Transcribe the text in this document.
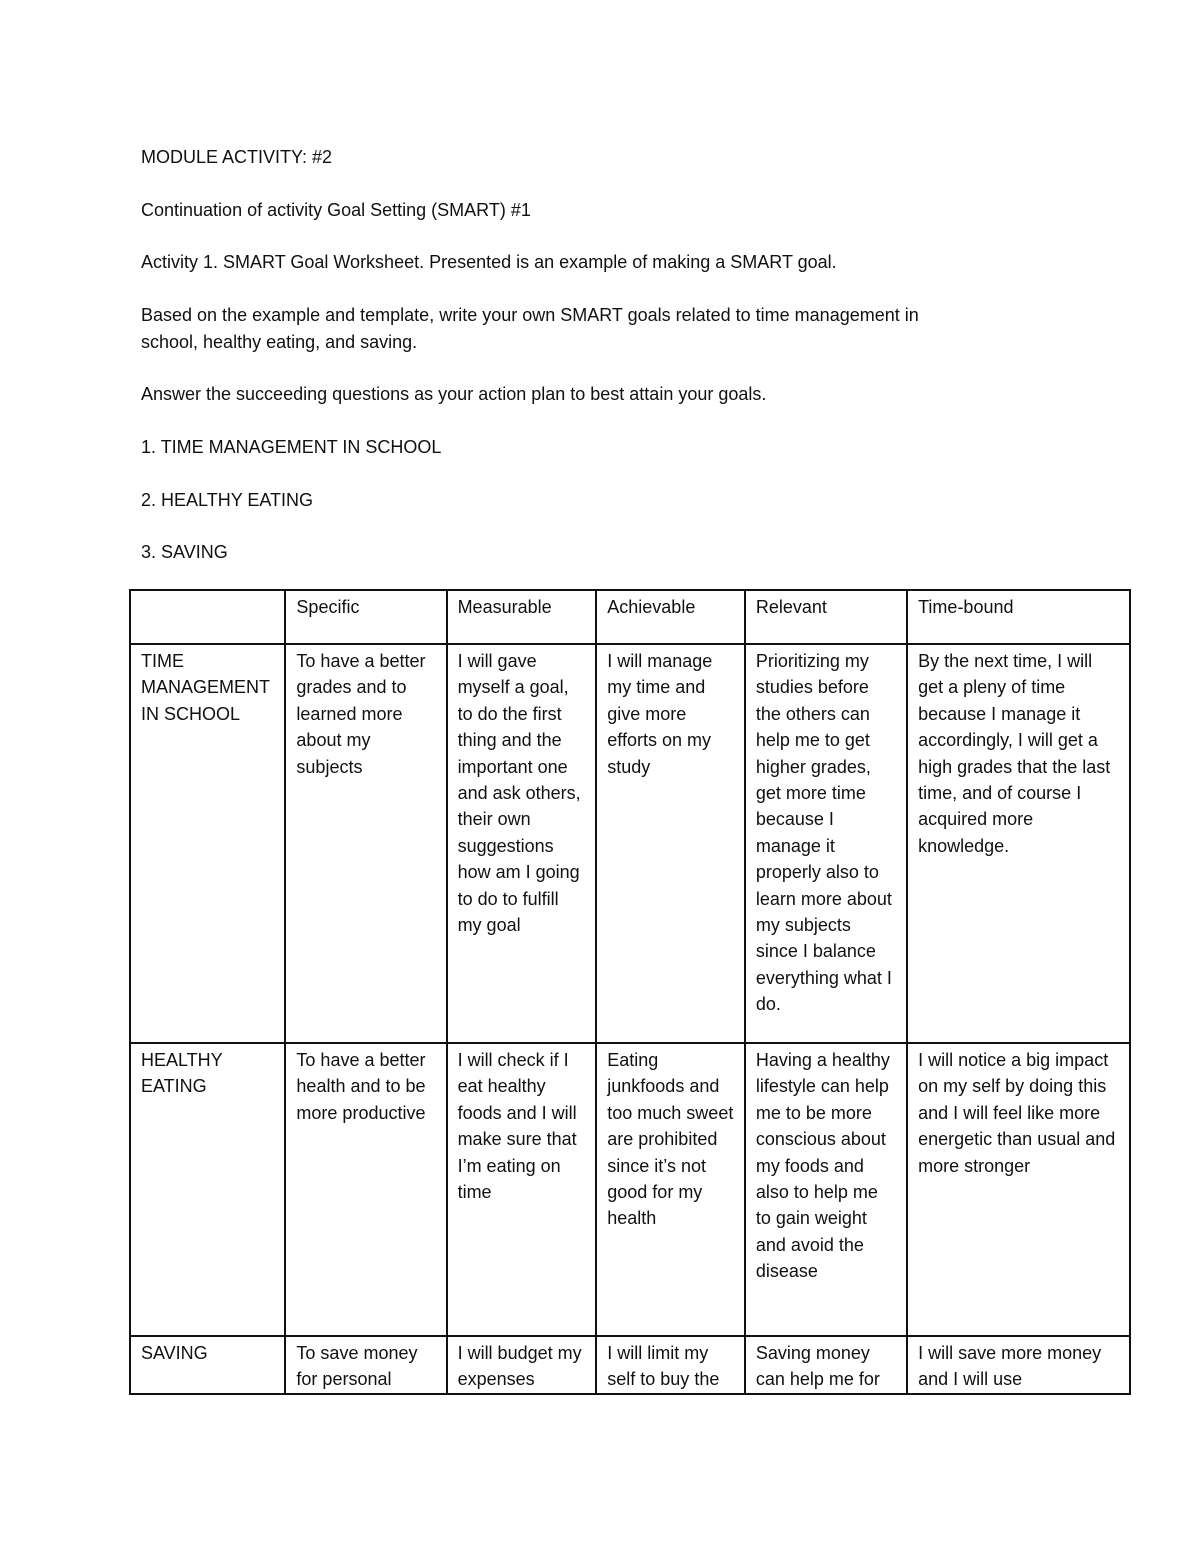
MODULE ACTIVITY: #2
Continuation of activity Goal Setting (SMART) #1
Activity 1. SMART Goal Worksheet. Presented is an example of making a SMART goal.
Based on the example and template, write your own SMART goals related to time management in
school, healthy eating, and saving.
Answer the succeeding questions as your action plan to best attain your goals.
1. TIME MANAGEMENT IN SCHOOL
2. HEALTHY EATING
3. SAVING
	Specific	Measurable	Achievable	Relevant	Time-bound
TIME MANAGEMENT IN SCHOOL	To have a better grades and to learned more about my subjects	I will gave myself a goal, to do the first thing and the important one and ask others, their own suggestions how am I going to do to fulfill my goal	I will manage my time and give more efforts on my study	Prioritizing my studies before the others can help me to get higher grades, get more time because I manage it properly also to learn more about my subjects since I balance everything what I do.	By the next time, I will get a pleny of time because I manage it accordingly, I will get a high grades that the last time, and of course I acquired more knowledge.
HEALTHY EATING	To have a better health and to be more productive	I will check if I eat healthy foods and I will make sure that I’m eating on time	Eating junkfoods and too much sweet are prohibited since it’s not good for my health	Having a healthy lifestyle can help me to be more conscious about my foods and also to help me to gain weight and avoid the disease	I will notice a big impact on my self by doing this and I will feel like more energetic than usual and more stronger
SAVING	To save money for personal	I will budget my expenses	I will limit my self to buy the	Saving money can help me for	I will save more money and I will use
